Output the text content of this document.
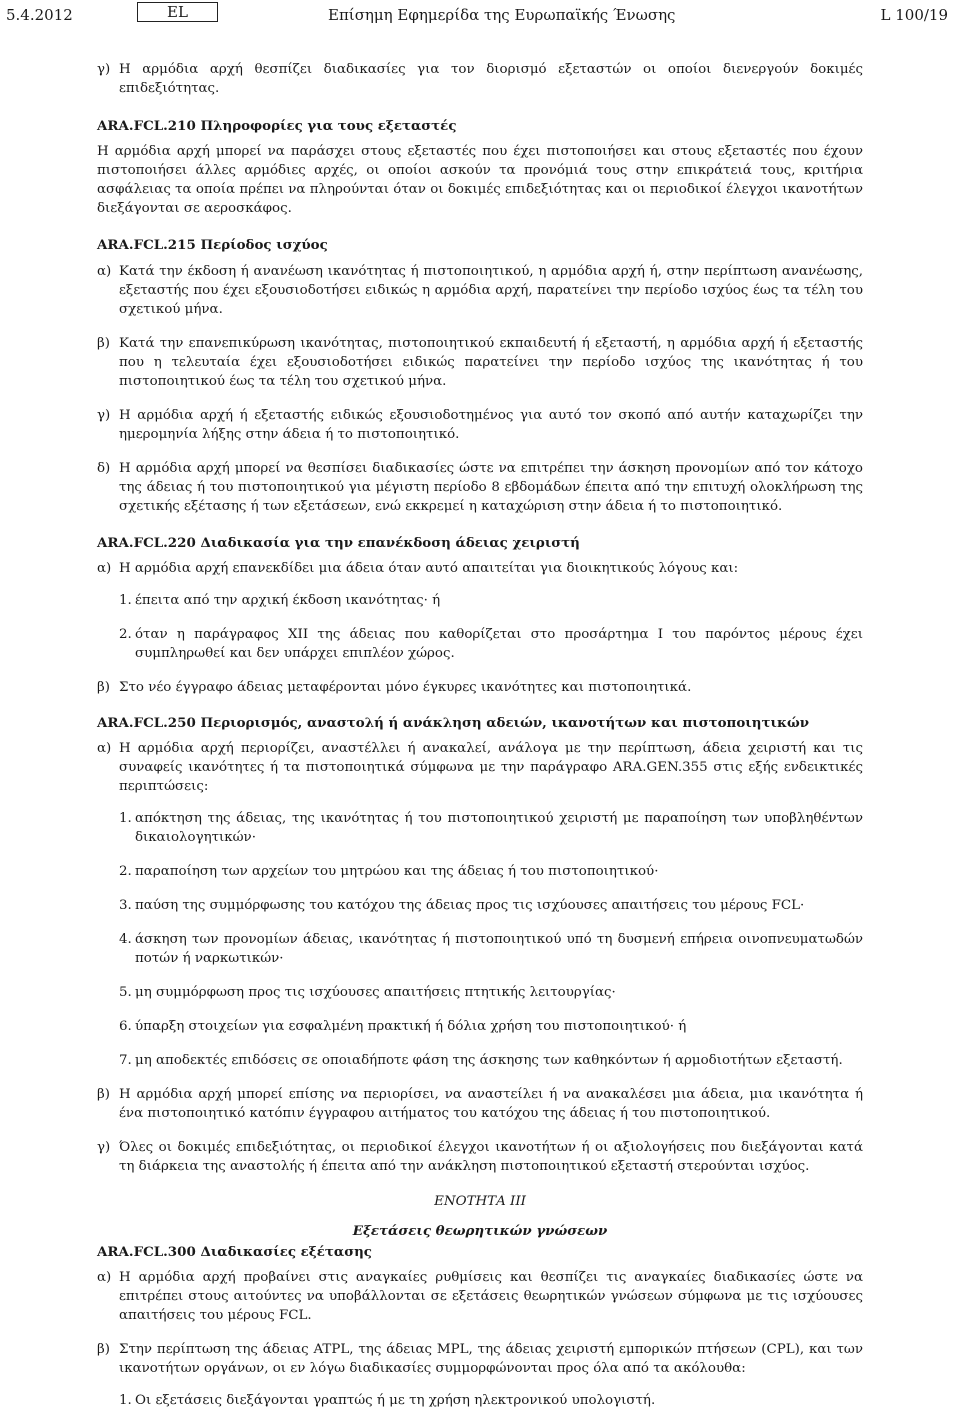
5.4.2012	EL	Επίσημη Εφημερίδα της Ευρωπαϊκής Ένωσης	L 100/19
γ) Η αρμόδια αρχή θεσπίζει διαδικασίες για τον διορισμό εξεταστών οι οποίοι διενεργούν δοκιμές επιδεξιότητας.

ARA.FCL.210 Πληροφορίες για τους εξεταστές

Η αρμόδια αρχή μπορεί να παράσχει στους εξεταστές που έχει πιστοποιήσει και στους εξεταστές που έχουν πιστοποιήσει άλλες αρμόδιες αρχές, οι οποίοι ασκούν τα προνόμιά τους στην επικράτειά τους, κριτήρια ασφάλειας τα οποία πρέπει να πληρούνται όταν οι δοκιμές επιδεξιότητας και οι περιοδικοί έλεγχοι ικανοτήτων διεξάγονται σε αεροσκάφος.

ARA.FCL.215 Περίοδος ισχύος

α) Κατά την έκδοση ή ανανέωση ικανότητας ή πιστοποιητικού, η αρμόδια αρχή ή, στην περίπτωση ανανέωσης, εξεταστής που έχει εξουσιοδοτήσει ειδικώς η αρμόδια αρχή, παρατείνει την περίοδο ισχύος έως τα τέλη του σχετικού μήνα.
β) Κατά την επανεπικύρωση ικανότητας, πιστοποιητικού εκπαιδευτή ή εξεταστή, η αρμόδια αρχή ή εξεταστής που η τελευταία έχει εξουσιοδοτήσει ειδικώς παρατείνει την περίοδο ισχύος της ικανότητας ή του πιστοποιητικού έως τα τέλη του σχετικού μήνα.
γ) Η αρμόδια αρχή ή εξεταστής ειδικώς εξουσιοδοτημένος για αυτό τον σκοπό από αυτήν καταχωρίζει την ημερομηνία λήξης στην άδεια ή το πιστοποιητικό.
δ) Η αρμόδια αρχή μπορεί να θεσπίσει διαδικασίες ώστε να επιτρέπει την άσκηση προνομίων από τον κάτοχο της άδειας ή του πιστοποιητικού για μέγιστη περίοδο 8 εβδομάδων έπειτα από την επιτυχή ολοκλήρωση της σχετικής εξέτασης ή των εξετάσεων, ενώ εκκρεμεί η καταχώριση στην άδεια ή το πιστοποιητικό.

ARA.FCL.220 Διαδικασία για την επανέκδοση άδειας χειριστή

α) Η αρμόδια αρχή επανεκδίδει μια άδεια όταν αυτό απαιτείται για διοικητικούς λόγους και:
1. έπειτα από την αρχική έκδοση ικανότητας· ή
2. όταν η παράγραφος XII της άδειας που καθορίζεται στο προσάρτημα I του παρόντος μέρους έχει συμπληρωθεί και δεν υπάρχει επιπλέον χώρος.
β) Στο νέο έγγραφο άδειας μεταφέρονται μόνο έγκυρες ικανότητες και πιστοποιητικά.

ARA.FCL.250 Περιορισμός, αναστολή ή ανάκληση αδειών, ικανοτήτων και πιστοποιητικών

α) Η αρμόδια αρχή περιορίζει, αναστέλλει ή ανακαλεί, ανάλογα με την περίπτωση, άδεια χειριστή και τις συναφείς ικανότητες ή τα πιστοποιητικά σύμφωνα με την παράγραφο ARA.GEN.355 στις εξής ενδεικτικές περιπτώσεις:
1. απόκτηση της άδειας, της ικανότητας ή του πιστοποιητικού χειριστή με παραποίηση των υποβληθέντων δικαιολογητικών·
2. παραποίηση των αρχείων του μητρώου και της άδειας ή του πιστοποιητικού·
3. παύση της συμμόρφωσης του κατόχου της άδειας προς τις ισχύουσες απαιτήσεις του μέρους FCL·
4. άσκηση των προνομίων άδειας, ικανότητας ή πιστοποιητικού υπό τη δυσμενή επήρεια οινοπνευματωδών ποτών ή ναρκωτικών·
5. μη συμμόρφωση προς τις ισχύουσες απαιτήσεις πτητικής λειτουργίας·
6. ύπαρξη στοιχείων για εσφαλμένη πρακτική ή δόλια χρήση του πιστοποιητικού· ή
7. μη αποδεκτές επιδόσεις σε οποιαδήποτε φάση της άσκησης των καθηκόντων ή αρμοδιοτήτων εξεταστή.
β) Η αρμόδια αρχή μπορεί επίσης να περιορίσει, να αναστείλει ή να ανακαλέσει μια άδεια, μια ικανότητα ή ένα πιστοποιητικό κατόπιν έγγραφου αιτήματος του κατόχου της άδειας ή του πιστοποιητικού.
γ) Όλες οι δοκιμές επιδεξιότητας, οι περιοδικοί έλεγχοι ικανοτήτων ή οι αξιολογήσεις που διεξάγονται κατά τη διάρκεια της αναστολής ή έπειτα από την ανάκληση πιστοποιητικού εξεταστή στερούνται ισχύος.

ΕΝΟΤΗΤΑ III

Εξετάσεις θεωρητικών γνώσεων

ARA.FCL.300 Διαδικασίες εξέτασης

α) Η αρμόδια αρχή προβαίνει στις αναγκαίες ρυθμίσεις και θεσπίζει τις αναγκαίες διαδικασίες ώστε να επιτρέπει στους αιτούντες να υποβάλλονται σε εξετάσεις θεωρητικών γνώσεων σύμφωνα με τις ισχύουσες απαιτήσεις του μέρους FCL.
β) Στην περίπτωση της άδειας ATPL, της άδειας MPL, της άδειας χειριστή εμπορικών πτήσεων (CPL), και των ικανοτήτων οργάνων, οι εν λόγω διαδικασίες συμμορφώνονται προς όλα από τα ακόλουθα:
1. Οι εξετάσεις διεξάγονται γραπτώς ή με τη χρήση ηλεκτρονικού υπολογιστή.
